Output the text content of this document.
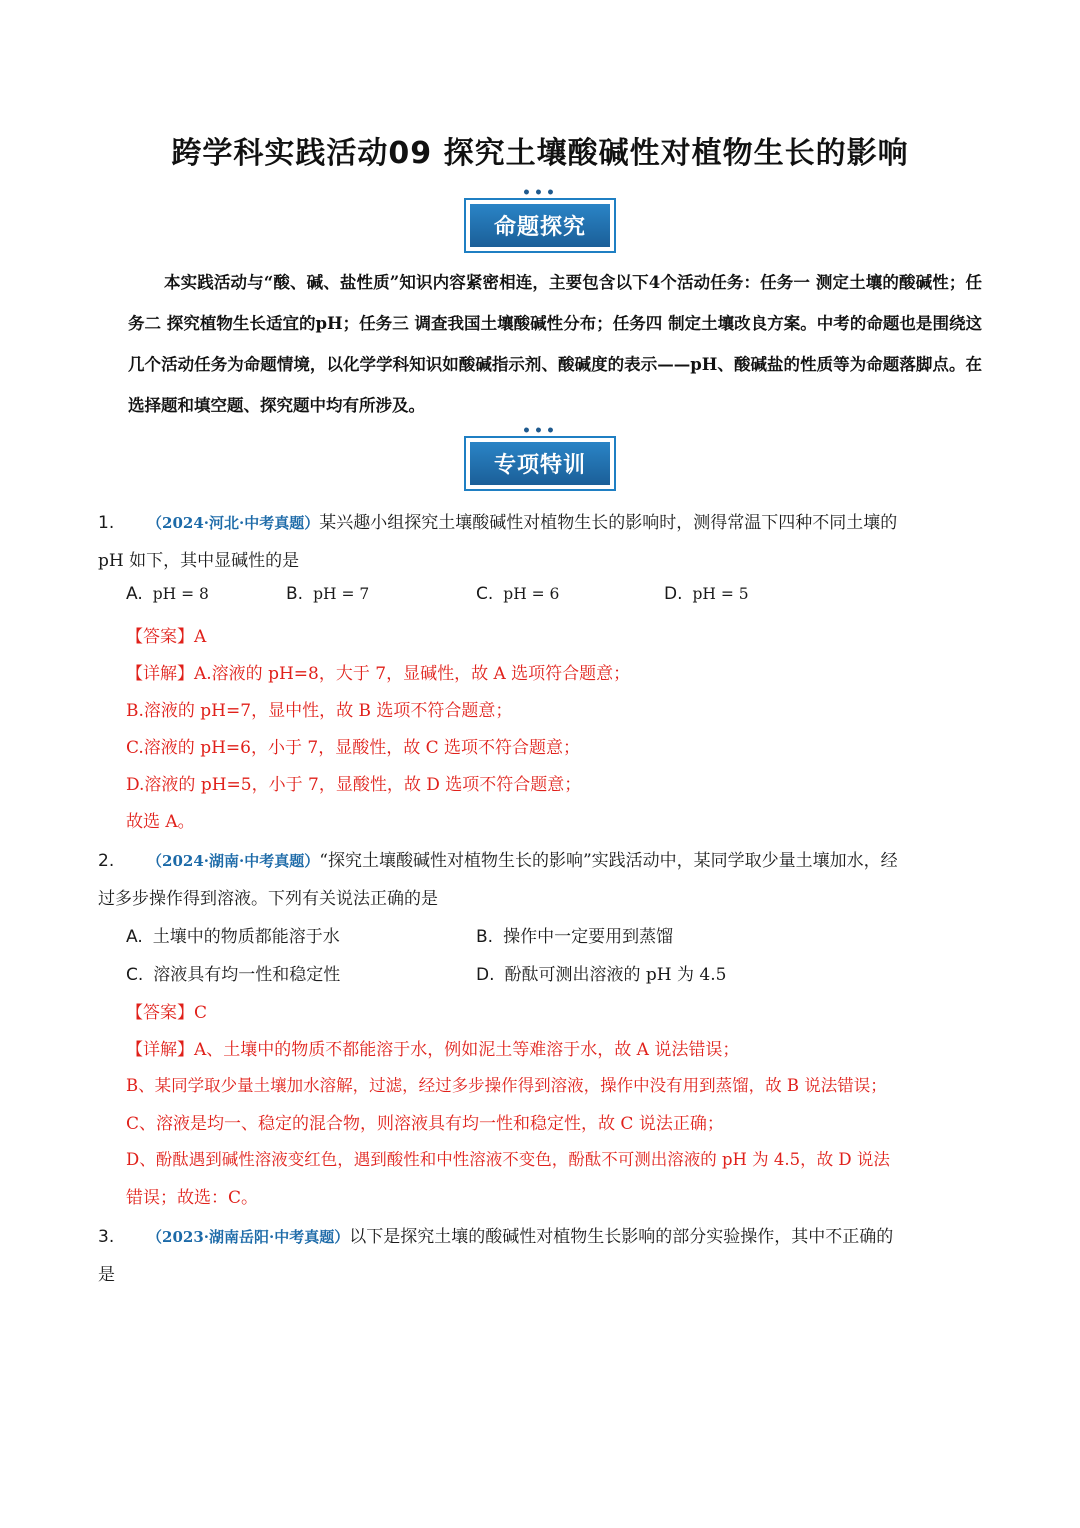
跨学科实践活动09 探究土壤酸碱性对植物生长的影响
•••
命题探究
本实践活动与“酸、碱、盐性质”知识内容紧密相连，主要包含以下4个活动任务：任务一 测定土壤的酸碱性；任务二 探究植物生长适宜的pH；任务三 调查我国土壤酸碱性分布；任务四 制定土壤改良方案。中考的命题也是围绕这几个活动任务为命题情境，以化学学科知识如酸碱指示剂、酸碱度的表示——pH、酸碱盐的性质等为命题落脚点。在选择题和填空题、探究题中均有所涉及。
•••
专项特训
1. （2024·河北·中考真题）某兴趣小组探究土壤酸碱性对植物生长的影响时，测得常温下四种不同土壤的
pH 如下，其中显碱性的是
A. pH = 8	B. pH = 7	C. pH = 6	D. pH = 5
【答案】A
【详解】A.溶液的 pH=8，大于 7，显碱性，故 A 选项符合题意；
B.溶液的 pH=7，显中性，故 B 选项不符合题意；
C.溶液的 pH=6，小于 7，显酸性，故 C 选项不符合题意；
D.溶液的 pH=5，小于 7，显酸性，故 D 选项不符合题意；
故选 A。
2. （2024·湖南·中考真题）“探究土壤酸碱性对植物生长的影响”实践活动中，某同学取少量土壤加水，经
过多步操作得到溶液。下列有关说法正确的是
A. 土壤中的物质都能溶于水	B. 操作中一定要用到蒸馏
C. 溶液具有均一性和稳定性	D. 酚酞可测出溶液的 pH 为 4.5
【答案】C
【详解】A、土壤中的物质不都能溶于水，例如泥土等难溶于水，故 A 说法错误；
B、某同学取少量土壤加水溶解，过滤，经过多步操作得到溶液，操作中没有用到蒸馏，故 B 说法错误；
C、溶液是均一、稳定的混合物，则溶液具有均一性和稳定性，故 C 说法正确；
D、酚酞遇到碱性溶液变红色，遇到酸性和中性溶液不变色，酚酞不可测出溶液的 pH 为 4.5，故 D 说法
错误；故选：C。
3. （2023·湖南岳阳·中考真题）以下是探究土壤的酸碱性对植物生长影响的部分实验操作，其中不正确的
是
